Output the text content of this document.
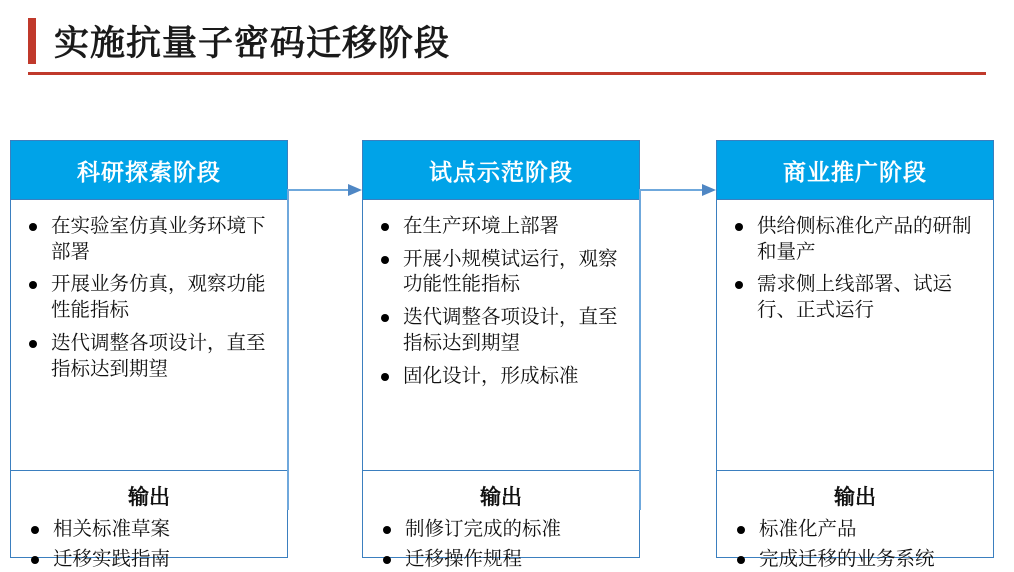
实施抗量子密码迁移阶段
科研探索阶段
在实验室仿真业务环境下部署
开展业务仿真，观察功能性能指标
迭代调整各项设计，直至指标达到期望
输出
相关标准草案
迁移实践指南
试点示范阶段
在生产环境上部署
开展小规模试运行，观察功能性能指标
迭代调整各项设计，直至指标达到期望
固化设计，形成标准
输出
制修订完成的标准
迁移操作规程
商业推广阶段
供给侧标准化产品的研制和量产
需求侧上线部署、试运行、正式运行
输出
标准化产品
完成迁移的业务系统
